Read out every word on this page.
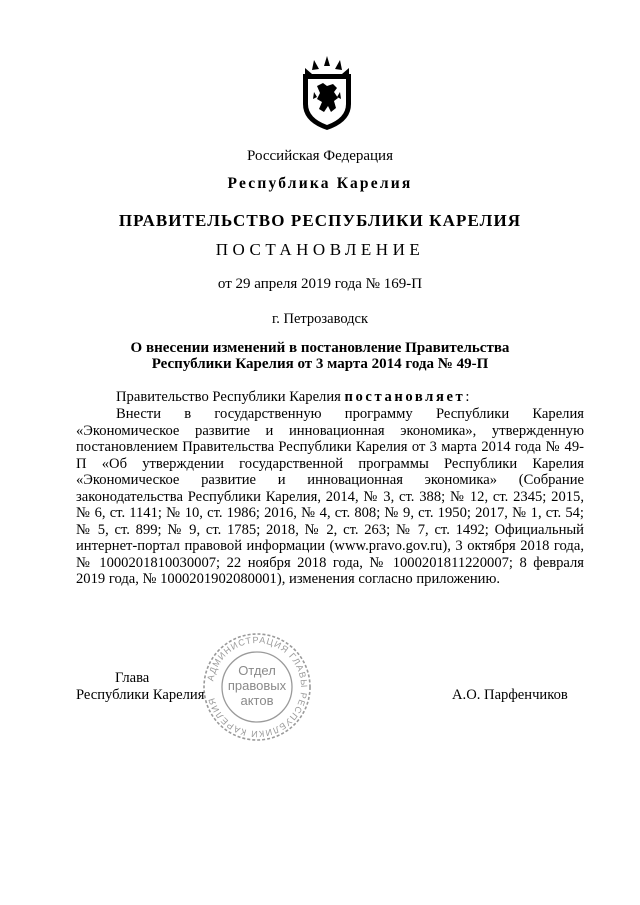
Российская Федерация
Республика Карелия
ПРАВИТЕЛЬСТВО РЕСПУБЛИКИ КАРЕЛИЯ
ПОСТАНОВЛЕНИЕ
от 29 апреля 2019 года № 169-П
г. Петрозаводск
О внесении изменений в постановление Правительства
Республики Карелия от 3 марта 2014 года № 49-П
Правительство Республики Карелия постановляет:
Внести в государственную программу Республики Карелия «Экономическое развитие и инновационная экономика», утвержденную постановлением Правительства Республики Карелия от 3 марта 2014 года № 49-П «Об утверждении государственной программы Республики Карелия «Экономическое развитие и инновационная экономика» (Собрание законодательства Республики Карелия, 2014, № 3, ст. 388; № 12, ст. 2345; 2015, № 6, ст. 1141; № 10, ст. 1986; 2016, № 4, ст. 808; № 9, ст. 1950; 2017, № 1, ст. 54; № 5, ст. 899; № 9, ст. 1785; 2018, № 2, ст. 263; № 7, ст. 1492; Официальный интернет-портал правовой информации (www.pravo.gov.ru), 3 октября 2018 года, № 1000201810030007; 22 ноября 2018 года, № 1000201811220007; 8 февраля 2019 года, № 1000201902080001), изменения согласно приложению.
АДМИНИСТРАЦИЯ ГЛАВЫ РЕСПУБЛИКИ КАРЕЛИЯ
Отдел
правовых
актов
Глава
Республики Карелия	А.О. Парфенчиков
